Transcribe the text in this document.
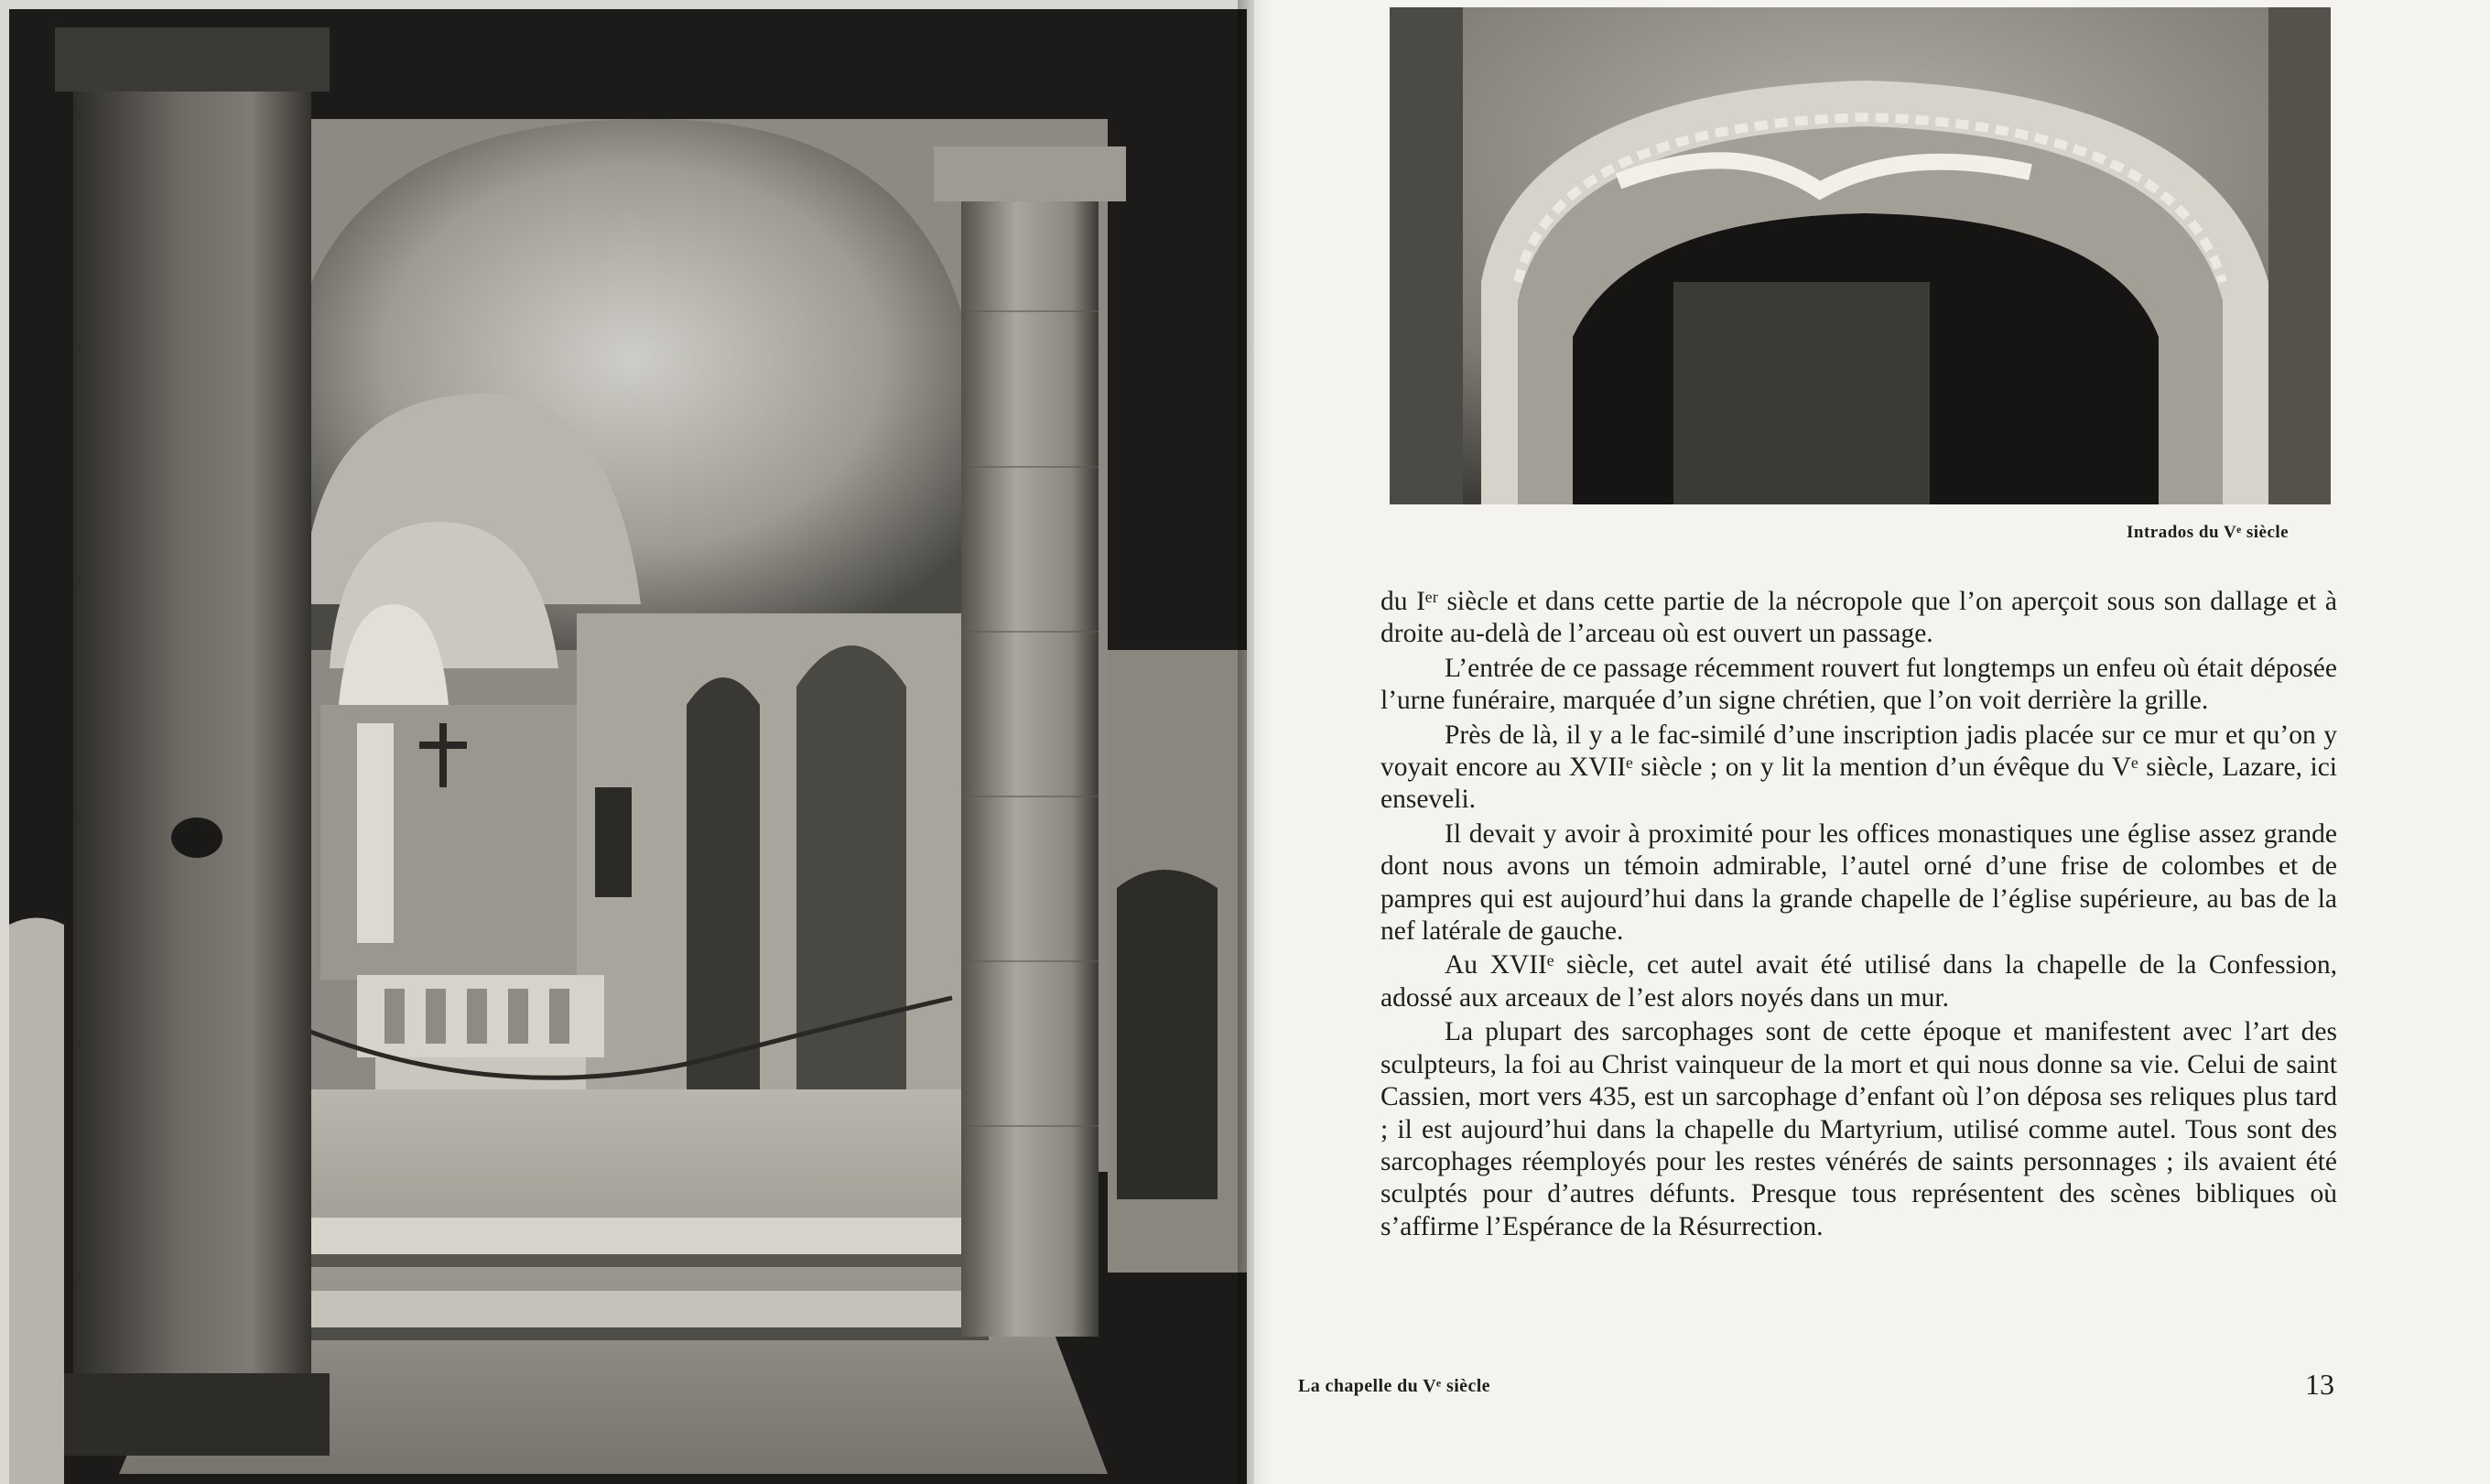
Intrados du Vᵉ siècle

du Iᵉʳ siècle et dans cette partie de la nécropole que l’on aperçoit sous son dallage et à droite au-delà de l’arceau où est ouvert un passage.

L’entrée de ce passage récemment rouvert fut longtemps un enfeu où était déposée l’urne funéraire, marquée d’un signe chrétien, que l’on voit derrière la grille.

Près de là, il y a le fac-similé d’une inscription jadis placée sur ce mur et qu’on y voyait encore au XVIIᵉ siècle ; on y lit la mention d’un évêque du Vᵉ siècle, Lazare, ici enseveli.

Il devait y avoir à proximité pour les offices monastiques une église assez grande dont nous avons un témoin admirable, l’autel orné d’une frise de colombes et de pampres qui est aujourd’hui dans la grande chapelle de l’église supérieure, au bas de la nef latérale de gauche.

Au XVIIᵉ siècle, cet autel avait été utilisé dans la chapelle de la Confession, adossé aux arceaux de l’est alors noyés dans un mur.

La plupart des sarcophages sont de cette époque et manifestent avec l’art des sculpteurs, la foi au Christ vainqueur de la mort et qui nous donne sa vie. Celui de saint Cassien, mort vers 435, est un sarcophage d’enfant où l’on déposa ses reliques plus tard ; il est aujourd’hui dans la chapelle du Martyrium, utilisé comme autel. Tous sont des sarcophages réemployés pour les restes vénérés de saints personnages ; ils avaient été sculptés pour d’autres défunts. Presque tous représentent des scènes bibliques où s’affirme l’Espérance de la Résurrection.

La chapelle du Vᵉ siècle	13
